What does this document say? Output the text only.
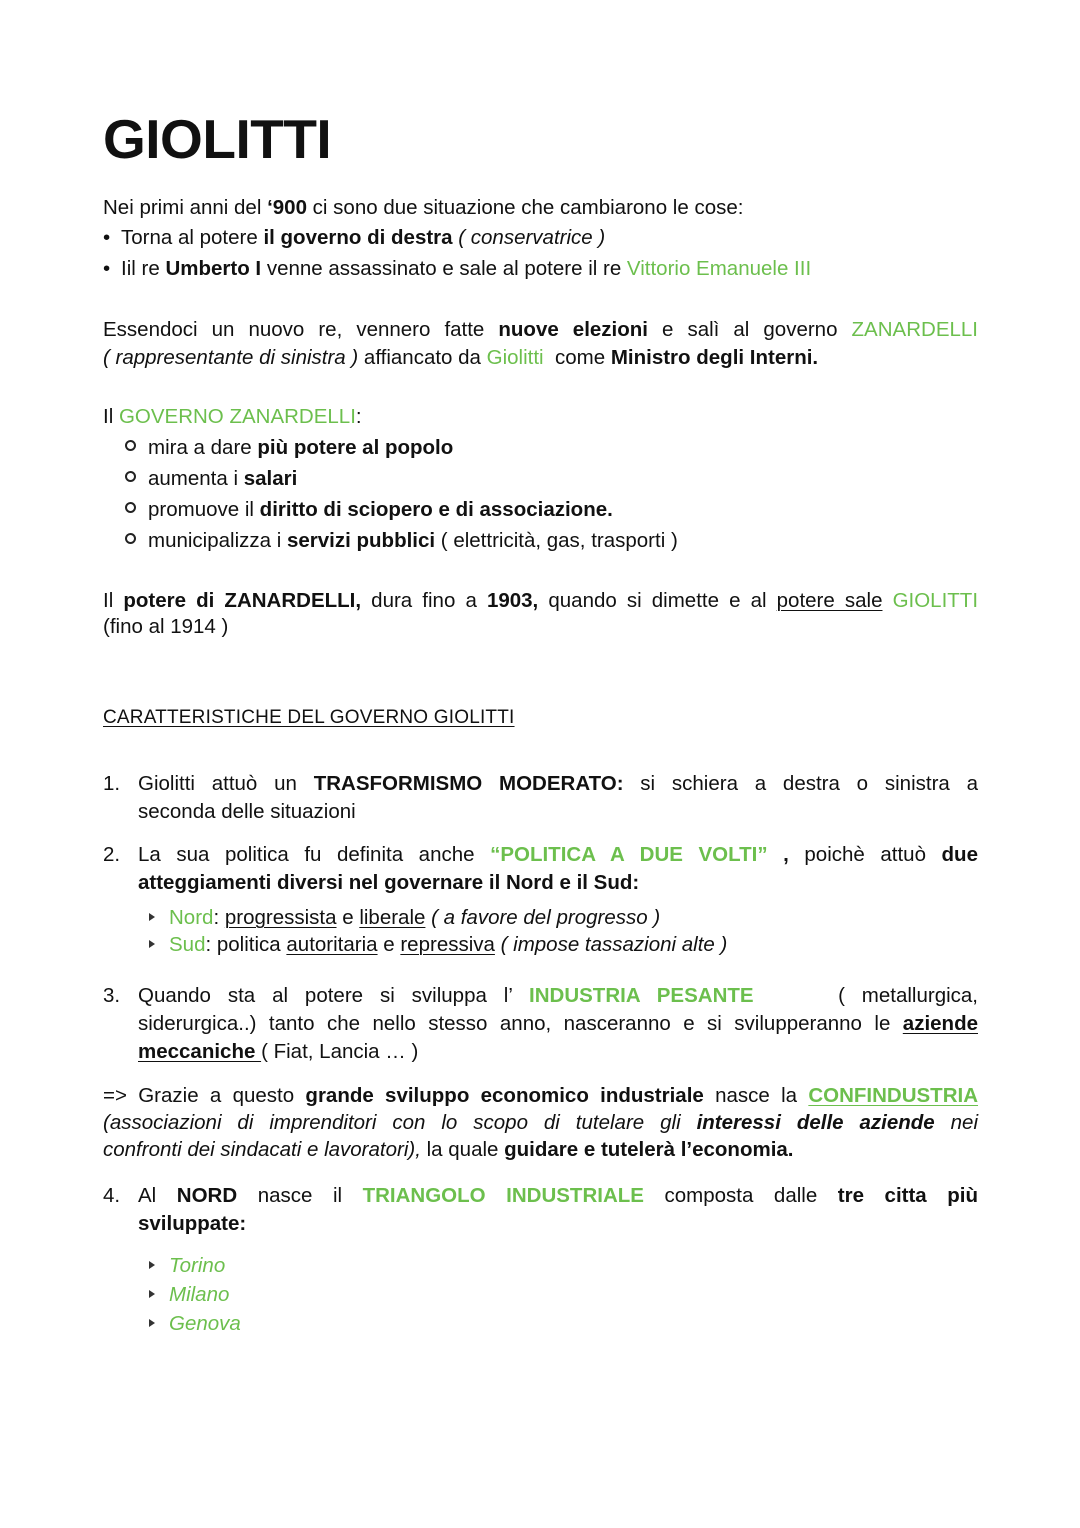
GIOLITTI
Nei primi anni del ‘900 ci sono due situazione che cambiarono le cose:
• Torna al potere il governo di destra ( conservatrice )
• Iil re Umberto I venne assassinato e sale al potere il re Vittorio Emanuele III
Essendoci un nuovo re, vennero fatte nuove elezioni e salì al governo ZANARDELLI
( rappresentante di sinistra ) affiancato da Giolitti  come Ministro degli Interni.
Il GOVERNO ZANARDELLI:
mira a dare più potere al popolo
aumenta i salari
promuove il diritto di sciopero e di associazione.
municipalizza i servizi pubblici ( elettricità, gas, trasporti )
Il potere di ZANARDELLI, dura fino a 1903, quando si dimette e al potere sale GIOLITTI
(fino al 1914 )
CARATTERISTICHE DEL GOVERNO GIOLITTI
1. Giolitti attuò un TRASFORMISMO MODERATO: si schiera a destra o sinistra a
seconda delle situazioni
2. La sua politica fu definita anche “POLITICA A DUE VOLTI” , poichè attuò due
atteggiamenti diversi nel governare il Nord e il Sud:
Nord: progressista e liberale ( a favore del progresso )
Sud: politica autoritaria e repressiva ( impose tassazioni alte )
3. Quando sta al potere si sviluppa l’ INDUSTRIA PESANTE     ( metallurgica,
siderurgica..) tanto che nello stesso anno, nasceranno e si svilupperanno le aziende
meccaniche ( Fiat, Lancia … )
=> Grazie a questo grande sviluppo economico industriale nasce la CONFINDUSTRIA
(associazioni di imprenditori con lo scopo di tutelare gli interessi delle aziende nei
confronti dei sindacati e lavoratori), la quale guidare e tutelerà l’economia.
4. Al NORD nasce il TRIANGOLO INDUSTRIALE composta dalle tre citta più
sviluppate:
Torino
Milano
Genova
